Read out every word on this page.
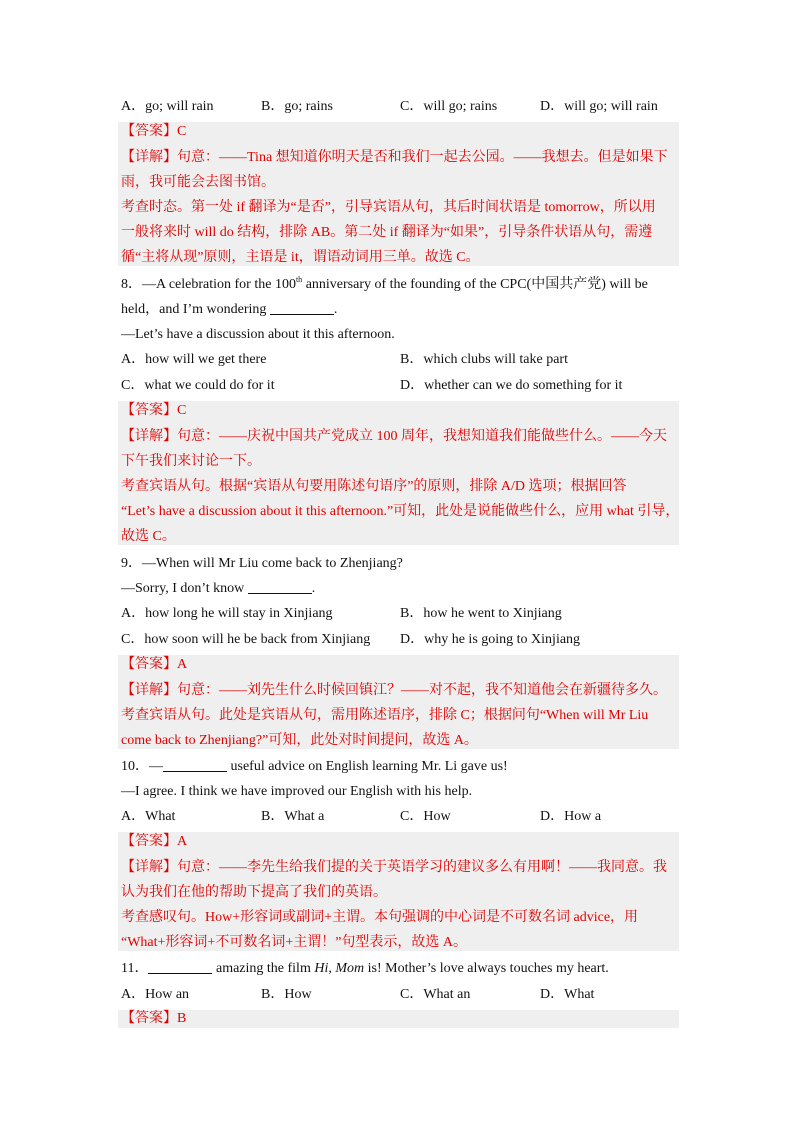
A．go; will rain	B．go; rains	C．will go; rains	D．will go; will rain
【答案】C
【详解】句意：——Tina 想知道你明天是否和我们一起去公园。——我想去。但是如果下
雨，我可能会去图书馆。
考查时态。第一处 if 翻译为“是否”，引导宾语从句，其后时间状语是 tomorrow，所以用
一般将来时 will do 结构，排除 AB。第二处 if 翻译为“如果”，引导条件状语从句，需遵
循“主将从现”原则，主语是 it，谓语动词用三单。故选 C。
8．—A celebration for the 100th anniversary of the founding of the CPC(中国共产党) will be
held，and I’m wondering	.
—Let’s have a discussion about it this afternoon.
A．how will we get there	B．which clubs will take part
C．what we could do for it	D．whether can we do something for it
【答案】C
【详解】句意：——庆祝中国共产党成立 100 周年，我想知道我们能做些什么。——今天
下午我们来讨论一下。
考查宾语从句。根据“宾语从句要用陈述句语序”的原则，排除 A/D 选项；根据回答
“Let’s have a discussion about it this afternoon.”可知，此处是说能做些什么，应用 what 引导，
故选 C。
9．—When will Mr Liu come back to Zhenjiang?
—Sorry, I don’t know	.
A．how long he will stay in Xinjiang	B．how he went to Xinjiang
C．how soon will he be back from Xinjiang D．why he is going to Xinjiang
【答案】A
【详解】句意：——刘先生什么时候回镇江？——对不起，我不知道他会在新疆待多久。
考查宾语从句。此处是宾语从句，需用陈述语序，排除 C；根据问句“When will Mr Liu
come back to Zhenjiang?”可知，此处对时间提问，故选 A。
10．—	useful advice on English learning Mr. Li gave us!
—I agree. I think we have improved our English with his help.
A．What	B．What a	C．How	D．How a
【答案】A
【详解】句意：——李先生给我们提的关于英语学习的建议多么有用啊！——我同意。我
认为我们在他的帮助下提高了我们的英语。
考查感叹句。How+形容词或副词+主谓。本句强调的中心词是不可数名词 advice，用
“What+形容词+不可数名词+主谓！”句型表示，故选 A。
11．	amazing the film Hi, Mom is! Mother’s love always touches my heart.
A．How an	B．How	C．What an	D．What
【答案】B
